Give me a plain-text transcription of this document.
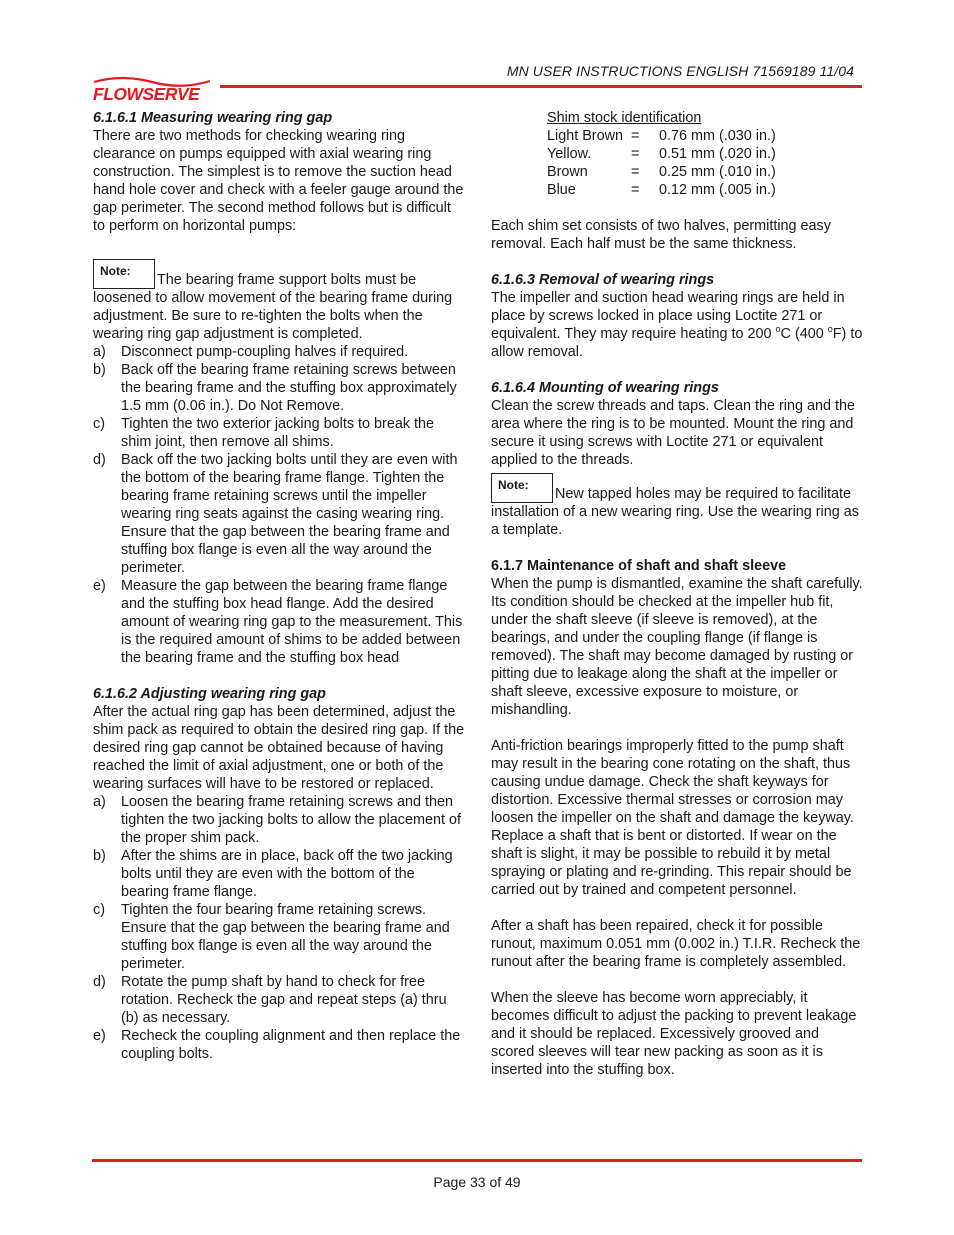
MN USER INSTRUCTIONS ENGLISH 71569189 11/04
FLOWSERVE

6.1.6.1 Measuring wearing ring gap

There are two methods for checking wearing ring clearance on pumps equipped with axial wearing ring construction. The simplest is to remove the suction head hand hole cover and check with a feeler gauge around the gap perimeter. The second method follows but is difficult to perform on horizontal pumps:

Note:The bearing frame support bolts must be loosened to allow movement of the bearing frame during adjustment. Be sure to re-tighten the bolts when the wearing ring gap adjustment is completed.
a)	Disconnect pump-coupling halves if required.
b)	Back off the bearing frame retaining screws between the bearing frame and the stuffing box approximately 1.5 mm (0.06 in.). Do Not Remove.
c)	Tighten the two exterior jacking bolts to break the shim joint, then remove all shims.
d)	Back off the two jacking bolts until they are even with the bottom of the bearing frame flange. Tighten the bearing frame retaining screws until the impeller wearing ring seats against the casing wearing ring. Ensure that the gap between the bearing frame and stuffing box flange is even all the way around the perimeter.
e)	Measure the gap between the bearing frame flange and the stuffing box head flange. Add the desired amount of wearing ring gap to the measurement. This is the required amount of shims to be added between the bearing frame and the stuffing box head

6.1.6.2 Adjusting wearing ring gap

After the actual ring gap has been determined, adjust the shim pack as required to obtain the desired ring gap. If the desired ring gap cannot be obtained because of having reached the limit of axial adjustment, one or both of the wearing surfaces will have to be restored or replaced.

a)	Loosen the bearing frame retaining screws and then tighten the two jacking bolts to allow the placement of the proper shim pack.
b)	After the shims are in place, back off the two jacking bolts until they are even with the bottom of the bearing frame flange.
c)	Tighten the four bearing frame retaining screws. Ensure that the gap between the bearing frame and stuffing box flange is even all the way around the perimeter.
d)	Rotate the pump shaft by hand to check for free rotation. Recheck the gap and repeat steps (a) thru (b) as necessary.
e)	Recheck the coupling alignment and then replace the coupling bolts.

Shim stock identification

Light Brown =	0.76 mm (.030 in.)
Yellow.	=	0.51 mm (.020 in.)
Brown	=	0.25 mm (.010 in.)
Blue	=	0.12 mm (.005 in.)

Each shim set consists of two halves, permitting easy removal. Each half must be the same thickness.

6.1.6.3 Removal of wearing rings

The impeller and suction head wearing rings are held in place by screws locked in place using Loctite 271 or equivalent. They may require heating to 200 $^o$C (400 $^o$F) to allow removal.

6.1.6.4 Mounting of wearing rings

Clean the screw threads and taps. Clean the ring and the area where the ring is to be mounted. Mount the ring and secure it using screws with Loctite 271 or equivalent applied to the threads.

Note:New tapped holes may be required to facilitate installation of a new wearing ring. Use the wearing ring as a template.

6.1.7 Maintenance of shaft and shaft sleeve

When the pump is dismantled, examine the shaft carefully. Its condition should be checked at the impeller hub fit, under the shaft sleeve (if sleeve is removed), at the bearings, and under the coupling flange (if flange is removed). The shaft may become damaged by rusting or pitting due to leakage along the shaft at the impeller or shaft sleeve, excessive exposure to moisture, or mishandling.

Anti-friction bearings improperly fitted to the pump shaft may result in the bearing cone rotating on the shaft, thus causing undue damage. Check the shaft keyways for distortion. Excessive thermal stresses or corrosion may loosen the impeller on the shaft and damage the keyway. Replace a shaft that is bent or distorted. If wear on the shaft is slight, it may be possible to rebuild it by metal spraying or plating and re-grinding. This repair should be carried out by trained and competent personnel.

After a shaft has been repaired, check it for possible runout, maximum 0.051 mm (0.002 in.) T.I.R. Recheck the runout after the bearing frame is completely assembled.

When the sleeve has become worn appreciably, it becomes difficult to adjust the packing to prevent leakage and it should be replaced. Excessively grooved and scored sleeves will tear new packing as soon as it is inserted into the stuffing box.

Page 33 of 49
